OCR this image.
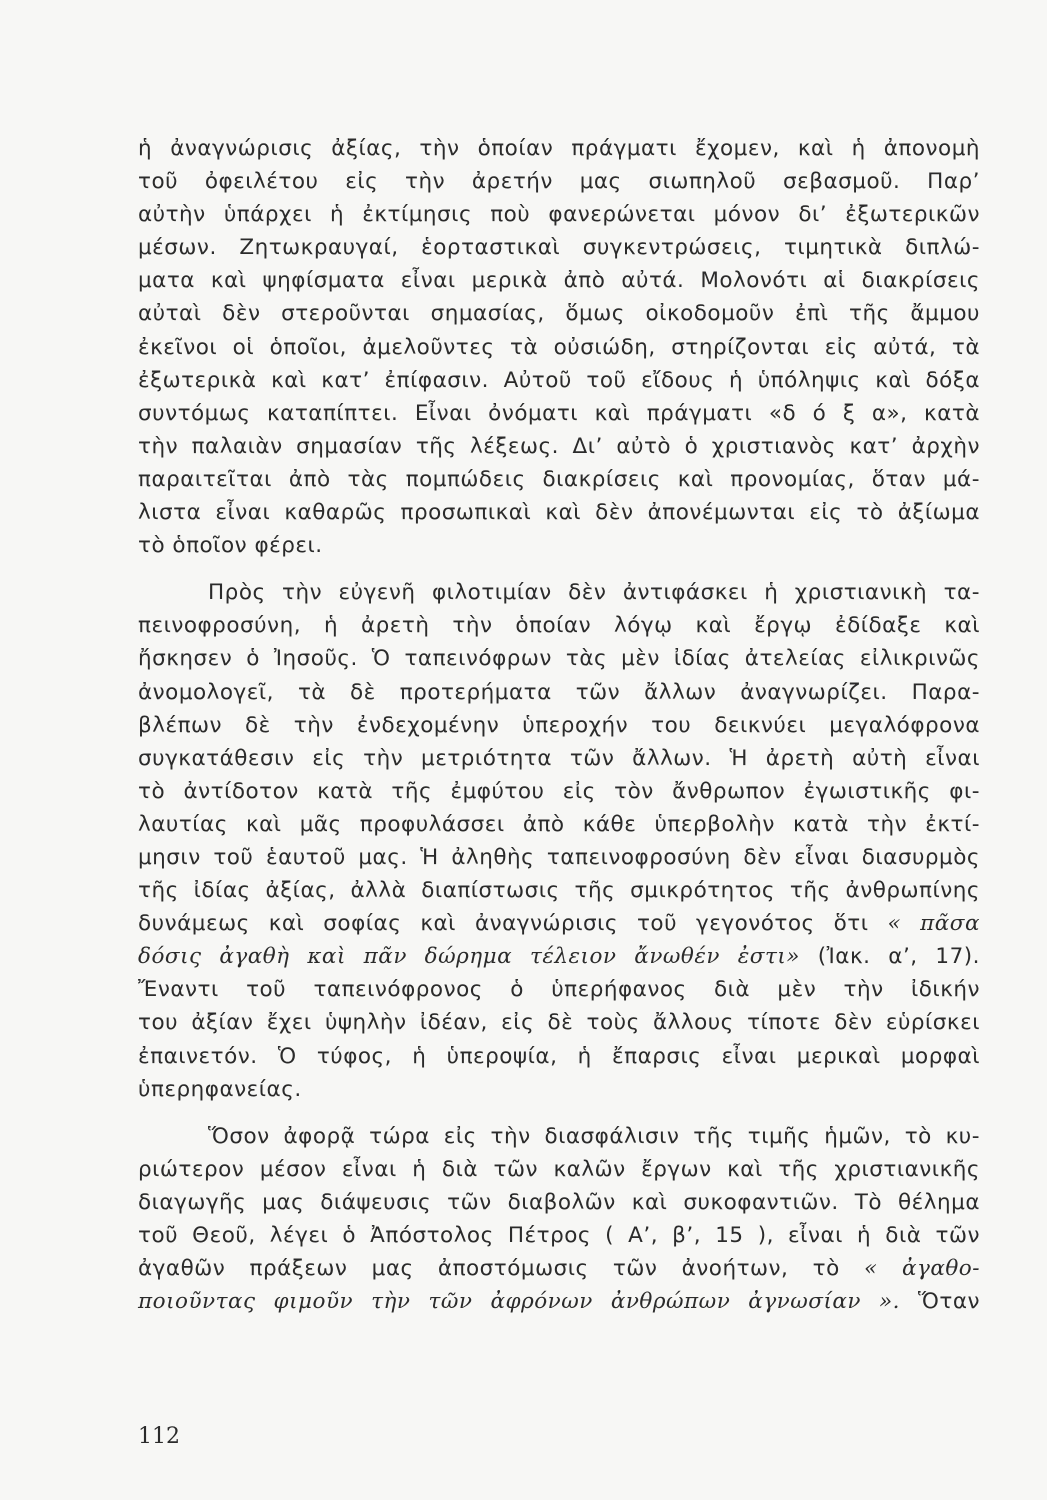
ἡ ἀναγνώρισις ἀξίας, τὴν ὁποίαν πράγματι ἔχομεν, καὶ ἡ ἀπονομὴ
τοῦ ὀφειλέτου εἰς τὴν ἀρετήν μας σιωπηλοῦ σεβασμοῦ. Παρ’
αὐτὴν ὑπάρχει ἡ ἐκτίμησις ποὺ φανερώνεται μόνον δι’ ἐξωτερικῶν
μέσων. Ζητωκραυγαί, ἑορταστικαὶ συγκεντρώσεις, τιμητικὰ διπλώ-
ματα καὶ ψηφίσματα εἶναι μερικὰ ἀπὸ αὐτά. Μολονότι αἱ διακρίσεις
αὐταὶ δὲν στεροῦνται σημασίας, ὅμως οἰκοδομοῦν ἐπὶ τῆς ἄμμου
ἐκεῖνοι οἱ ὁποῖοι, ἀμελοῦντες τὰ οὐσιώδη, στηρίζονται εἰς αὐτά, τὰ
ἐξωτερικὰ καὶ κατ’ ἐπίφασιν. Αὐτοῦ τοῦ εἴδους ἡ ὑπόληψις καὶ δόξα
συντόμως καταπίπτει. Εἶναι ὀνόματι καὶ πράγματι «δ ό ξ α», κατὰ
τὴν παλαιὰν σημασίαν τῆς λέξεως. Δι’ αὐτὸ ὁ χριστιανὸς κατ’ ἀρχὴν
παραιτεῖται ἀπὸ τὰς πομπώδεις διακρίσεις καὶ προνομίας, ὅταν μά-
λιστα εἶναι καθαρῶς προσωπικαὶ καὶ δὲν ἀπονέμωνται εἰς τὸ ἀξίωμα
τὸ ὁποῖον φέρει.
Πρὸς τὴν εὐγενῆ φιλοτιμίαν δὲν ἀντιφάσκει ἡ χριστιανικὴ τα-
πεινοφροσύνη, ἡ ἀρετὴ τὴν ὁποίαν λόγῳ καὶ ἔργῳ ἐδίδαξε καὶ
ἤσκησεν ὁ Ἰησοῦς. Ὁ ταπεινόφρων τὰς μὲν ἰδίας ἀτελείας εἰλικρινῶς
ἀνομολογεῖ, τὰ δὲ προτερήματα τῶν ἄλλων ἀναγνωρίζει. Παρα-
βλέπων δὲ τὴν ἐνδεχομένην ὑπεροχήν του δεικνύει μεγαλόφρονα
συγκατάθεσιν εἰς τὴν μετριότητα τῶν ἄλλων. Ἡ ἀρετὴ αὐτὴ εἶναι
τὸ ἀντίδοτον κατὰ τῆς ἐμφύτου εἰς τὸν ἄνθρωπον ἐγωιστικῆς φι-
λαυτίας καὶ μᾶς προφυλάσσει ἀπὸ κάθε ὑπερβολὴν κατὰ τὴν ἐκτί-
μησιν τοῦ ἑαυτοῦ μας. Ἡ ἀληθὴς ταπεινοφροσύνη δὲν εἶναι διασυρμὸς
τῆς ἰδίας ἀξίας, ἀλλὰ διαπίστωσις τῆς σμικρότητος τῆς ἀνθρωπίνης
δυνάμεως καὶ σοφίας καὶ ἀναγνώρισις τοῦ γεγονότος ὅτι « πᾶσα
δόσις ἀγαθὴ καὶ πᾶν δώρημα τέλειον ἄνωθέν ἐστι» (Ἰακ. α’, 17).
Ἔναντι τοῦ ταπεινόφρονος ὁ ὑπερήφανος διὰ μὲν τὴν ἰδικήν
του ἀξίαν ἔχει ὑψηλὴν ἰδέαν, εἰς δὲ τοὺς ἄλλους τίποτε δὲν εὑρίσκει
ἐπαινετόν. Ὁ τύφος, ἡ ὑπεροψία, ἡ ἔπαρσις εἶναι μερικαὶ μορφαὶ
ὑπερηφανείας.
Ὅσον ἀφορᾷ τώρα εἰς τὴν διασφάλισιν τῆς τιμῆς ἡμῶν, τὸ κυ-
ριώτερον μέσον εἶναι ἡ διὰ τῶν καλῶν ἔργων καὶ τῆς χριστιανικῆς
διαγωγῆς μας διάψευσις τῶν διαβολῶν καὶ συκοφαντιῶν. Τὸ θέλημα
τοῦ Θεοῦ, λέγει ὁ Ἀπόστολος Πέτρος ( Α’, β’, 15 ), εἶναι ἡ διὰ τῶν
ἀγαθῶν πράξεων μας ἀποστόμωσις τῶν ἀνοήτων, τὸ « ἀγαθο-
ποιοῦντας φιμοῦν τὴν τῶν ἀφρόνων ἀνθρώπων ἀγνωσίαν ». Ὅταν
112
